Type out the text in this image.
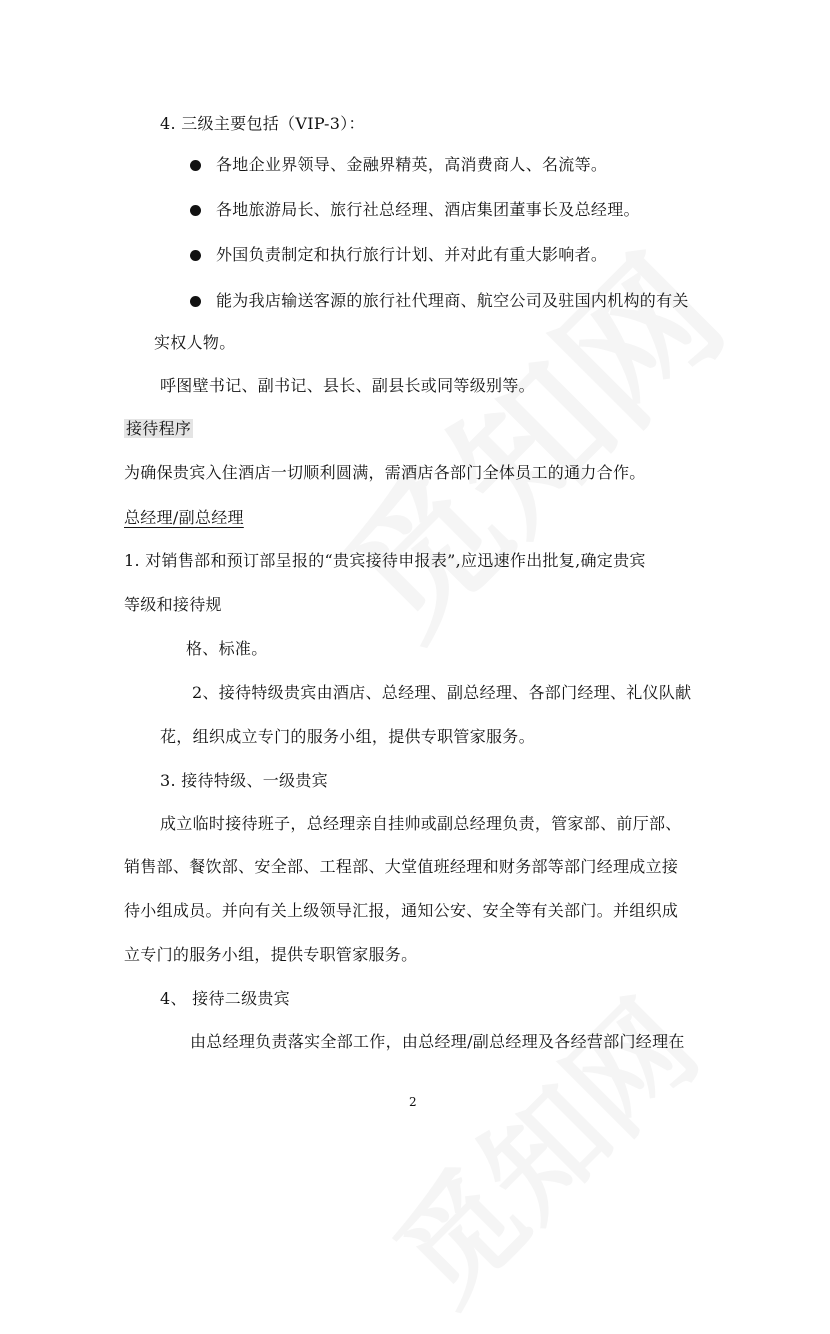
4. 三级主要包括（VIP-3）：
各地企业界领导、金融界精英，高消费商人、名流等。
各地旅游局长、旅行社总经理、酒店集团董事长及总经理。
外国负责制定和执行旅行计划、并对此有重大影响者。
能为我店输送客源的旅行社代理商、航空公司及驻国内机构的有关
实权人物。
呼图壁书记、副书记、县长、副县长或同等级别等。
接待程序
为确保贵宾入住酒店一切顺利圆满，需酒店各部门全体员工的通力合作。
总经理/副总经理
1. 对销售部和预订部呈报的“贵宾接待申报表”,应迅速作出批复,确定贵宾
等级和接待规
格、标准。
2、接待特级贵宾由酒店、总经理、副总经理、各部门经理、礼仪队献
花，组织成立专门的服务小组，提供专职管家服务。
3. 接待特级、一级贵宾
成立临时接待班子，总经理亲自挂帅或副总经理负责，管家部、前厅部、
销售部、餐饮部、安全部、工程部、大堂值班经理和财务部等部门经理成立接
待小组成员。并向有关上级领导汇报，通知公安、安全等有关部门。并组织成
立专门的服务小组，提供专职管家服务。
4、 接待二级贵宾
由总经理负责落实全部工作，由总经理/副总经理及各经营部门经理在
2
